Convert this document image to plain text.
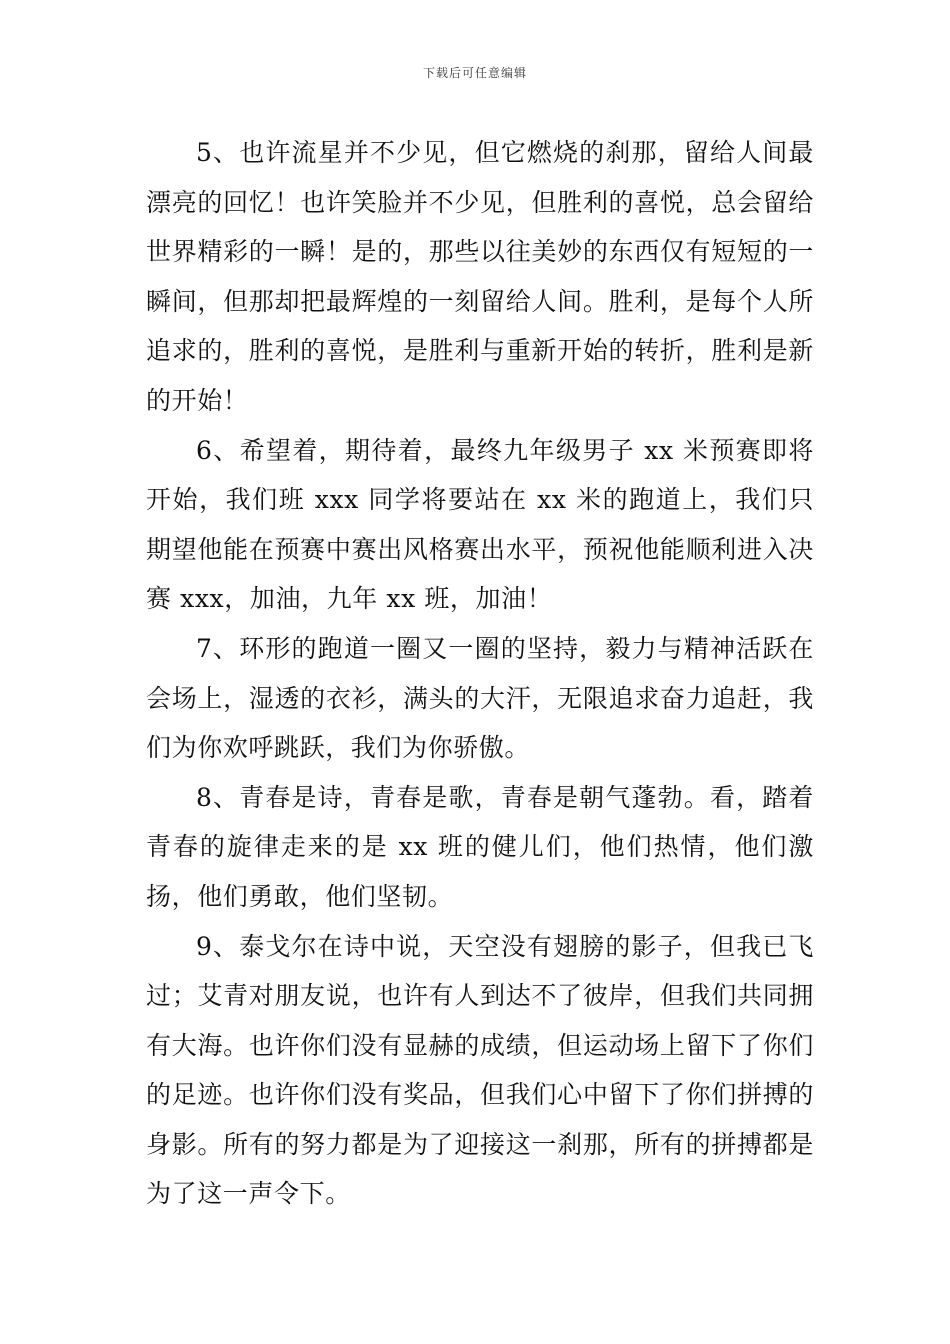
下载后可任意编辑

5、也许流星并不少见，但它燃烧的刹那，留给人间最漂亮的回忆！也许笑脸并不少见，但胜利的喜悦，总会留给世界精彩的一瞬！是的，那些以往美妙的东西仅有短短的一瞬间，但那却把最辉煌的一刻留给人间。胜利，是每个人所追求的，胜利的喜悦，是胜利与重新开始的转折，胜利是新的开始！

6、希望着，期待着，最终九年级男子 xx 米预赛即将开始，我们班 xxx 同学将要站在 xx 米的跑道上，我们只期望他能在预赛中赛出风格赛出水平，预祝他能顺利进入决赛 xxx，加油，九年 xx 班，加油！

7、环形的跑道一圈又一圈的坚持，毅力与精神活跃在会场上，湿透的衣衫，满头的大汗，无限追求奋力追赶，我们为你欢呼跳跃，我们为你骄傲。

8、青春是诗，青春是歌，青春是朝气蓬勃。看，踏着青春的旋律走来的是 xx 班的健儿们，他们热情，他们激扬，他们勇敢，他们坚韧。

9、泰戈尔在诗中说，天空没有翅膀的影子，但我已飞过；艾青对朋友说，也许有人到达不了彼岸，但我们共同拥有大海。也许你们没有显赫的成绩，但运动场上留下了你们的足迹。也许你们没有奖品，但我们心中留下了你们拼搏的身影。所有的努力都是为了迎接这一刹那，所有的拼搏都是为了这一声令下。
